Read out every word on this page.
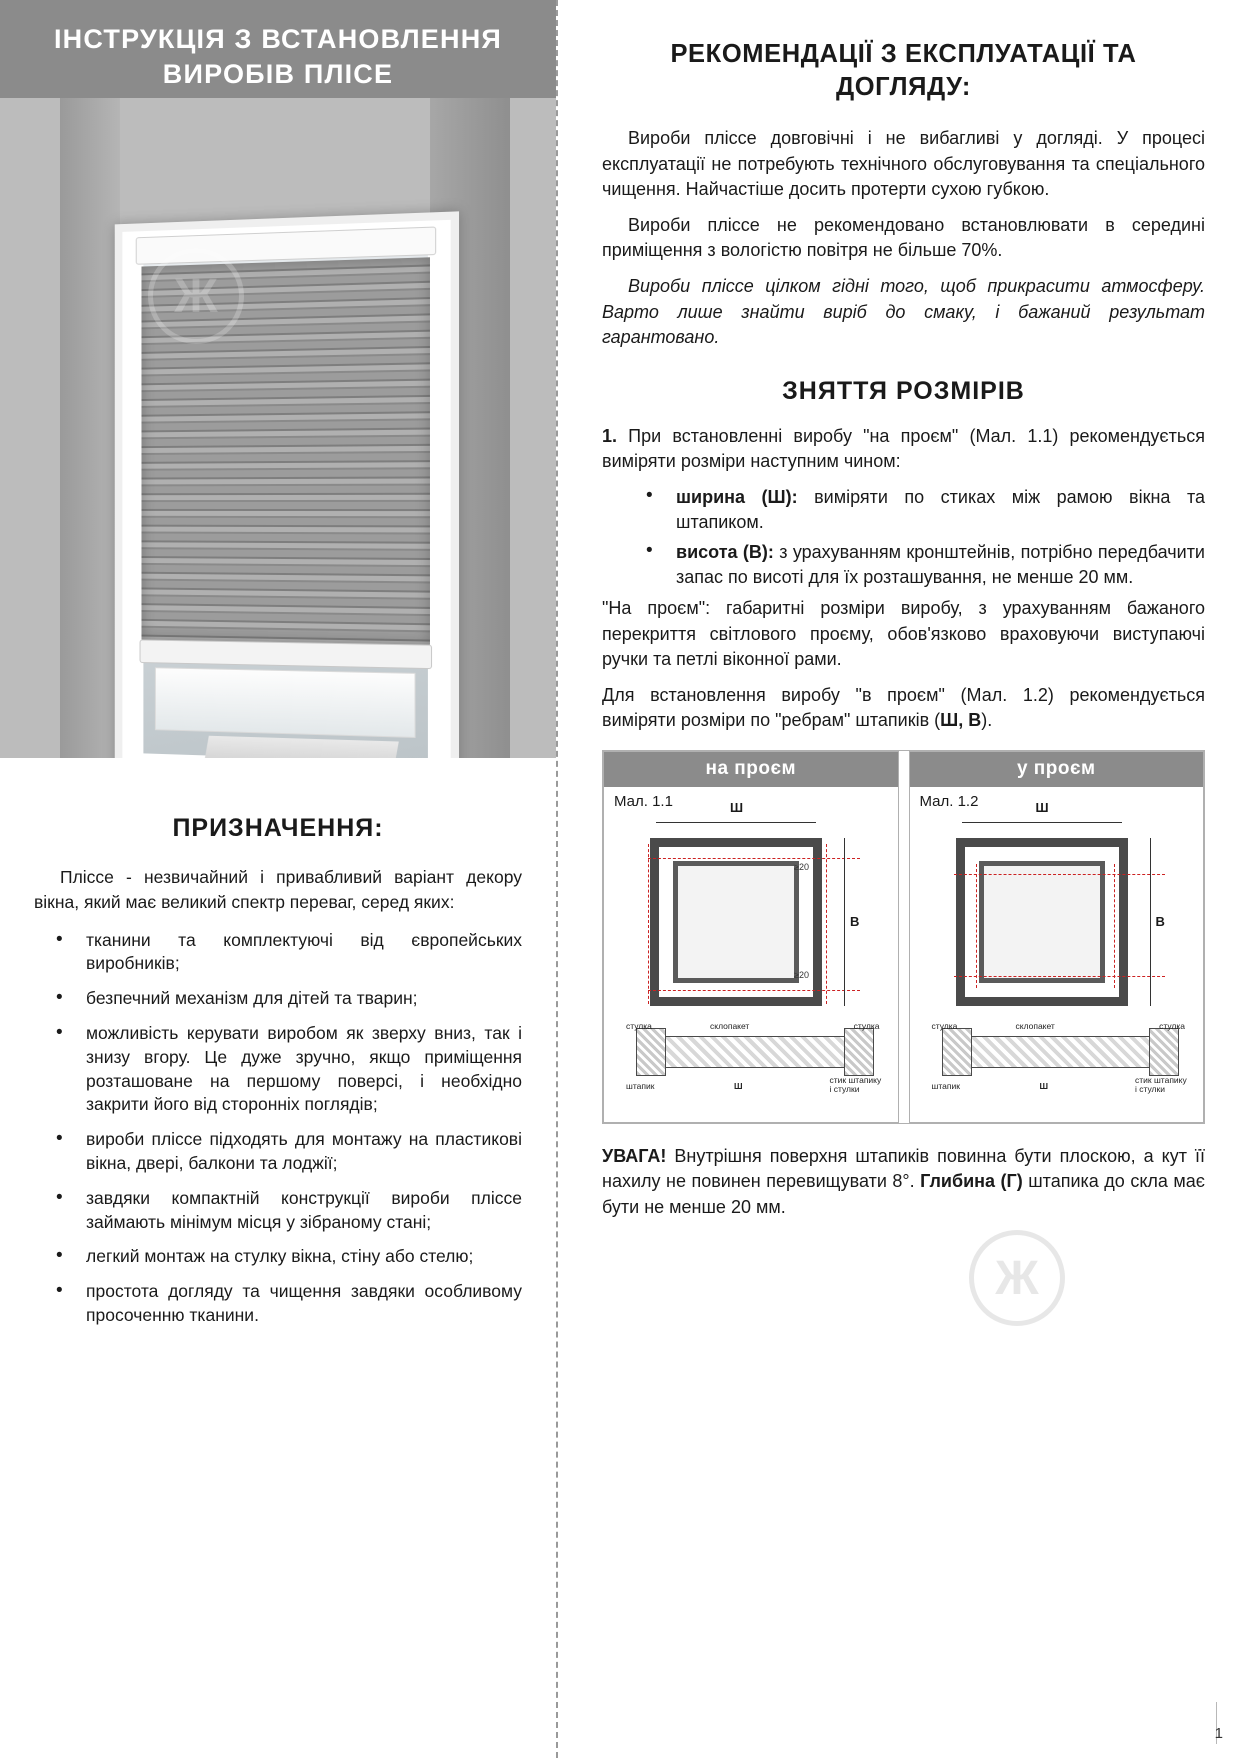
ІНСТРУКЦІЯ З ВСТАНОВЛЕННЯ ВИРОБІВ ПЛІСЕ
Ж
ПРИЗНАЧЕННЯ:

Пліссе - незвичайний і привабливий варіант декору вікна, який має великий спектр переваг, серед яких:

• тканини та комплектуючі від європейських виробників;
• безпечний механізм для дітей та тварин;
• можливість керувати виробом як зверху вниз, так і знизу вгору. Це дуже зручно, якщо приміщення розташоване на першому поверсі, і необхідно закрити його від сторонніх поглядів;
• вироби пліссе підходять для монтажу на пластикові вікна, двері, балкони та лоджії;
• завдяки компактній конструкції вироби пліссе займають мінімум місця у зібраному стані;
• легкий монтаж на стулку вікна, стіну або стелю;
• простота догляду та чищення завдяки особливому просоченню тканини.
РЕКОМЕНДАЦІЇ З ЕКСПЛУАТАЦІЇ ТА ДОГЛЯДУ:

Вироби пліссе довговічні і не вибагливі у догляді. У процесі експлуатації не потребують технічного обслуговування та спеціального чищення. Найчастіше досить протерти сухою губкою.

Вироби пліссе не рекомендовано встановлювати в середині приміщення з вологістю повітря не більше 70%.

Вироби пліссе цілком гідні того, щоб прикрасити атмосферу. Варто лише знайти виріб до смаку, і бажаний результат гарантовано.

ЗНЯТТЯ РОЗМІРІВ

1. При встановленні виробу "на проєм" (Мал. 1.1) рекомендується виміряти розміри наступним чином:

• ширина (Ш): виміряти по стиках між рамою вікна та штапиком.
• висота (В): з урахуванням кронштейнів, потрібно передбачити запас по висоті для їх розташування, не менше 20 мм.

"На проєм": габаритні розміри виробу, з урахуванням бажаного перекриття світлового проєму, обов'язково враховуючи виступаючі ручки та петлі віконної рами.

Для встановлення виробу "в проєм" (Мал. 1.2) рекомендується виміряти розміри по "ребрам" штапиків (Ш, В).

на проєм
Мал. 1.1	Ш
≥20
≥20
В
стулка	склопакет	стулка
штапик	Ш
стик штапику і стулки
у проєм
Мал. 1.2	Ш
В
стулка	склопакет	стулка
штапик	Ш
стик штапику і стулки
Ж

УВАГА! Внутрішня поверхня штапиків повинна бути плоскою, а кут її нахилу не повинен перевищувати 8°. Глибина (Г) штапика до скла має бути не менше 20 мм.

1
